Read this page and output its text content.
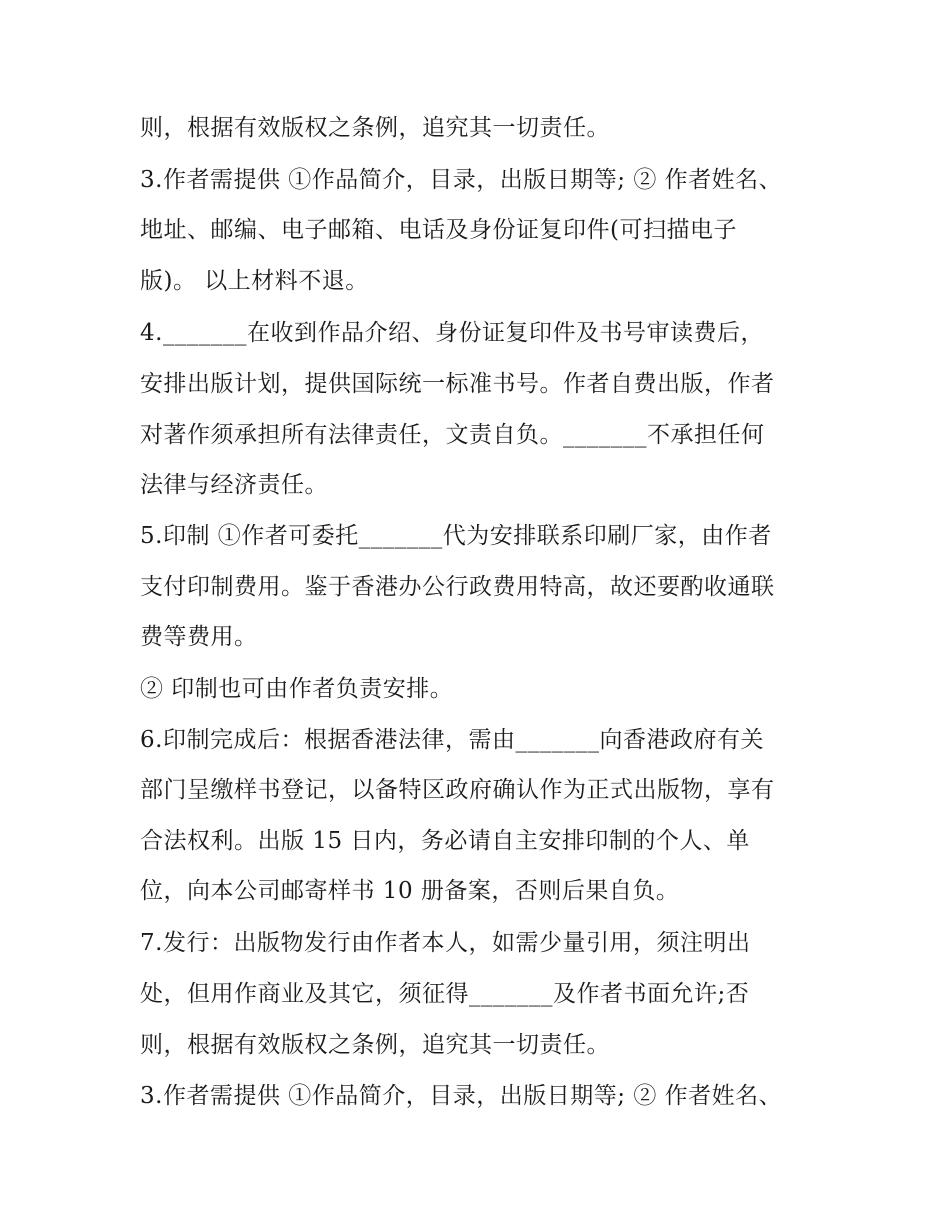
则，根据有效版权之条例，追究其一切责任。
3.作者需提供 ①作品简介，目录，出版日期等; ② 作者姓名、
地址、邮编、电子邮箱、电话及身份证复印件(可扫描电子
版)。 以上材料不退。
4._______在收到作品介绍、身份证复印件及书号审读费后，
安排出版计划，提供国际统一标准书号。作者自费出版，作者
对著作须承担所有法律责任，文责自负。_______不承担任何
法律与经济责任。
5.印制 ①作者可委托_______代为安排联系印刷厂家，由作者
支付印制费用。鉴于香港办公行政费用特高，故还要酌收通联
费等费用。
② 印制也可由作者负责安排。
6.印制完成后：根据香港法律，需由_______向香港政府有关
部门呈缴样书登记，以备特区政府确认作为正式出版物，享有
合法权利。出版 15 日内，务必请自主安排印制的个人、单
位，向本公司邮寄样书 10 册备案，否则后果自负。
7.发行：出版物发行由作者本人，如需少量引用，须注明出
处，但用作商业及其它，须征得_______及作者书面允许;否
则，根据有效版权之条例，追究其一切责任。
3.作者需提供 ①作品简介，目录，出版日期等; ② 作者姓名、
